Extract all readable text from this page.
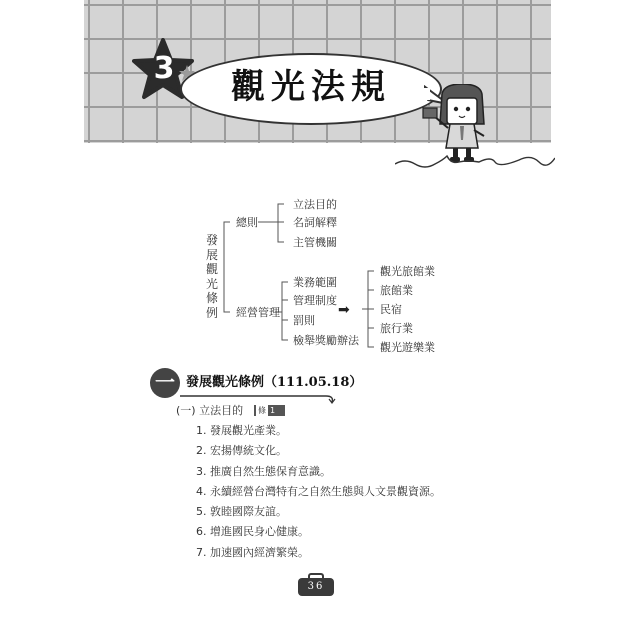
3	觀光法規
發展觀光條例
總則
立法目的
名詞解釋
主管機關
經營管理
業務範圍
管理制度
罰則
檢舉獎勵辦法
➡
觀光旅館業
旅館業
民宿
旅行業
觀光遊樂業
一 發展觀光條例（111.05.18）
(一) 立法目的	條 1
1. 發展觀光產業。
2. 宏揚傳統文化。
3. 推廣自然生態保育意識。
4. 永續經營台灣特有之自然生態與人文景觀資源。
5. 敦睦國際友誼。
6. 增進國民身心健康。
7. 加速國內經濟繁榮。
36
